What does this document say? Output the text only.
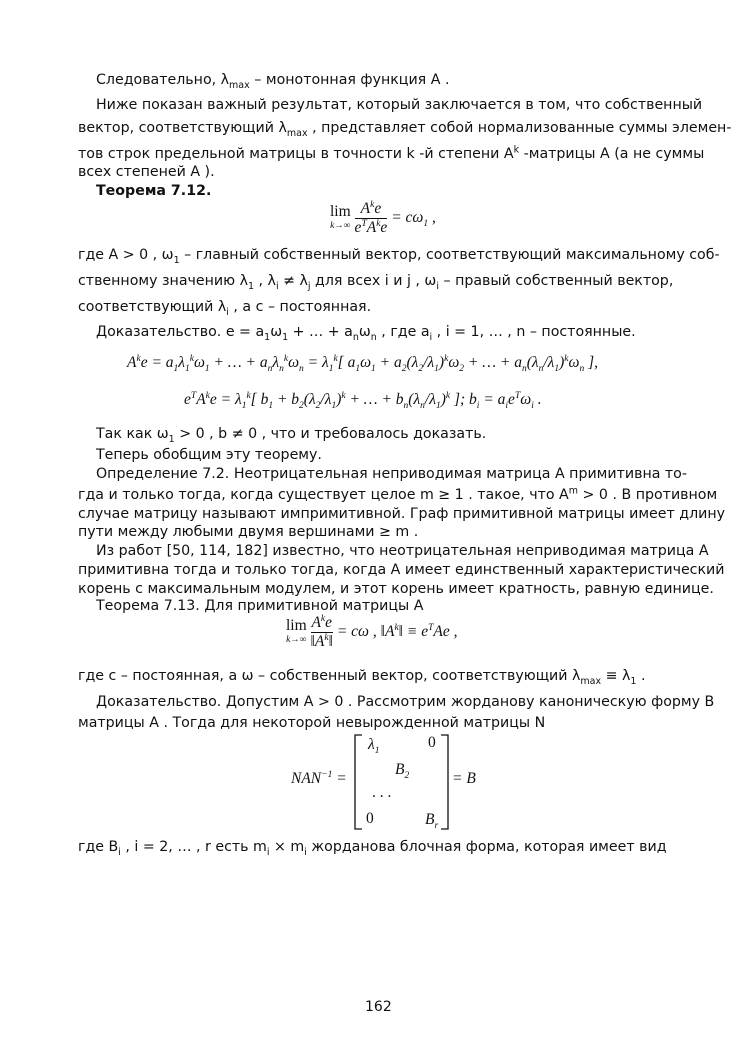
Следовательно, $\lambda_{max}$ – монотонная функция A .
Ниже показан важный результат, который заключается в том, что собственный
вектор, соответствующий $\lambda_{max}$ , представляет собой нормализованные суммы элемен-
тов строк предельной матрицы в точности k -й степени $A^k$ -матрицы A (а не суммы
всех степеней A ).
Теорема 7.12.
lim
k→∞
$\frac{A^ke}{e^TA^ke} = c\omega_1$ ,
где A > 0 , $\omega_1$ – главный собственный вектор, соответствующий максимальному соб-
ственному значению $\lambda_1$ , $\lambda_i \ne \lambda_j$ для всех i и j , $\omega_i$ – правый собственный вектор,
соответствующий $\lambda_i$ , а c – постоянная.
Доказательство. $e = a_1\omega_1$ + … + $a_n\omega_n$ , где $a_i$ , i = 1, … , n – постоянные.
$A^ke = a_1\lambda_1^k\omega_1$ + … + $a_n\lambda_n^k\omega_n = \lambda_1^k$[ $a_1\omega_1 + a_2(\lambda_2/\lambda_1)^k\omega_2$ + … + $a_n(\lambda_n/\lambda_1)^k\omega_n$ ],
$e^TA^ke = \lambda_1^k$[ $b_1 + b_2(\lambda_2/\lambda_1)^k$ + … + $b_n(\lambda_n/\lambda_1)^k$ ]; $b_i = a_ie^T\omega_i$ .
Так как $\omega_1 > 0$ , b ≠ 0 , что и требовалось доказать.
Теперь обобщим эту теорему.
Определение 7.2. Неотрицательная неприводимая матрица A примитивна то-
гда и только тогда, когда существует целое m ≥ 1 . такое, что $A^m > 0$ . В противном
случае матрицу называют импримитивной. Граф примитивной матрицы имеет длину
пути между любыми двумя вершинами ≥ m .
Из работ [50, 114, 182] известно, что неотрицательная неприводимая матрица A
примитивна тогда и только тогда, когда A имеет единственный характеристический
корень с максимальным модулем, и этот корень имеет кратность, равную единице.
Теорема 7.13. Для примитивной матрицы A
lim
k→∞
$\frac{A^ke}{‖A^k‖} = c\omega$ , $‖A^k‖ \equiv e^TAe$ ,
где c – постоянная, а ω – собственный вектор, соответствующий $\lambda_{max} \equiv \lambda_1$ .
Доказательство. Допустим A > 0 . Рассмотрим жорданову каноническую форму B
матрицы A . Тогда для некоторой невырожденной матрицы N
$NAN^{-1}$ =
$\lambda_1$
0
$B_2$
. . .
0	$B_r$
= B
где $B_i$ , i = 2, … , r есть $m_i \times m_i$ жорданова блочная форма, которая имеет вид
162
